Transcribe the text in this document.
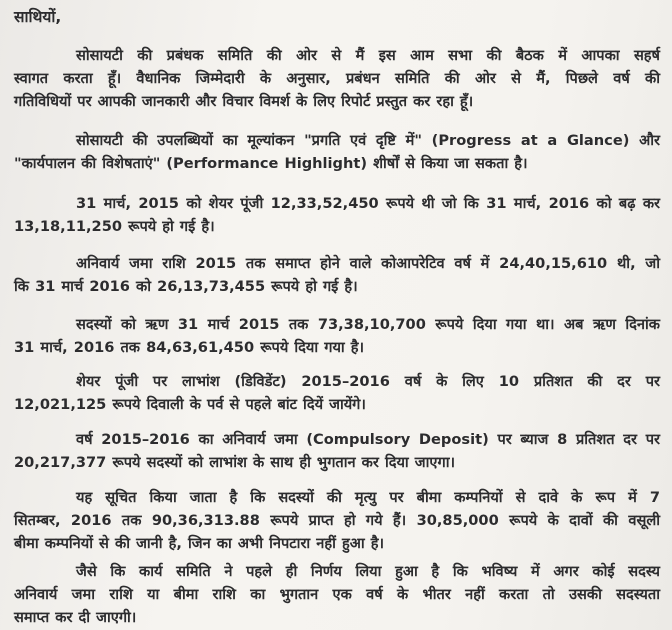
साथियों,

सोसायटी की प्रबंधक समिति की ओर से मैं इस आम सभा की बैठक में आपका सहर्ष
स्वागत करता हूँ। वैधानिक जिम्मेदारी के अनुसार, प्रबंधन समिति की ओर से मैं, पिछले वर्ष की
गतिविधियों पर आपकी जानकारी और विचार विमर्श के लिए रिपोर्ट प्रस्तुत कर रहा हूँ।

सोसायटी की उपलब्धियों का मूल्यांकन "प्रगति एवं दृष्टि में" (Progress at a Glance) और
"कार्यपालन की विशेषताएं" (Performance Highlight) शीर्षों से किया जा सकता है।

31 मार्च, 2015 को शेयर पूंजी 12,33,52,450 रूपये थी जो कि 31 मार्च, 2016 को बढ़ कर
13,18,11,250 रूपये हो गई है।

अनिवार्य जमा राशि 2015 तक समाप्त होने वाले कोआपरेटिव वर्ष में 24,40,15,610 थी, जो
कि 31 मार्च 2016 को 26,13,73,455 रूपये हो गई है।

सदस्यों को ऋण 31 मार्च 2015 तक 73,38,10,700 रूपये दिया गया था। अब ऋण दिनांक
31 मार्च, 2016 तक 84,63,61,450 रूपये दिया गया है।

शेयर पूंजी पर लाभांश (डिविडेंट) 2015–2016 वर्ष के लिए 10 प्रतिशत की दर पर
12,021,125 रूपये दिवाली के पर्व से पहले बांट दियें जायेंगे।

वर्ष 2015–2016 का अनिवार्य जमा (Compulsory Deposit) पर ब्याज 8 प्रतिशत दर पर
20,217,377 रूपये सदस्यों को लाभांश के साथ ही भुगतान कर दिया जाएगा।

यह सूचित किया जाता है कि सदस्यों की मृत्यु पर बीमा कम्पनियों से दावे के रूप में 7
सितम्बर, 2016 तक 90,36,313.88 रूपये प्राप्त हो गये हैं। 30,85,000 रूपये के दावों की वसूली
बीमा कम्पनियों से की जानी है, जिन का अभी निपटारा नहीं हुआ है।

जैसे कि कार्य समिति ने पहले ही निर्णय लिया हुआ है कि भविष्य में अगर कोई सदस्य
अनिवार्य जमा राशि या बीमा राशि का भुगतान एक वर्ष के भीतर नहीं करता तो उसकी सदस्यता
समाप्त कर दी जाएगी।
